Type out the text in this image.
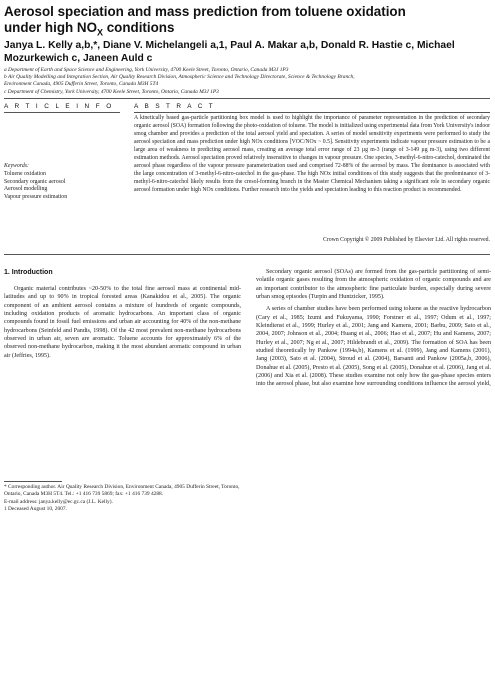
Aerosol speciation and mass prediction from toluene oxidation
under high $NO_X$ conditions
Janya L. Kelly a,b,*, Diane V. Michelangeli a,1, Paul A. Makar a,b, Donald R. Hastie c, Michael Mozurkewich c, Janeen Auld c
a Department of Earth and Space Science and Engineering, York University, 4700 Keele Street, Toronto, Ontario, Canada M3J 1P3
b Air Quality Modelling and Integration Section, Air Quality Research Division, Atmospheric Science and Technology Directorate, Science & Technology Branch,
Environment Canada, 4905 Dufferin Street, Toronto, Canada M3H 5T4
c Department of Chemistry, York University, 4700 Keele Street, Toronto, Ontario, Canada M3J 1P3
A R T I C L E I N F O	A B S T R A C T
Keywords:
Toluene oxidation
Secondary organic aerosol
Aerosol modelling
Vapour pressure estimation
A kinetically based gas-particle partitioning box model is used to highlight the importance of parameter representation in the prediction of secondary organic aerosol (SOA) formation following the photo-oxidation of toluene. The model is initialized using experimental data from York University's indoor smog chamber and provides a prediction of the total aerosol yield and speciation. A series of model sensitivity experiments were performed to study the aerosol speciation and mass prediction under high NOx conditions [VOC/NOx ~ 0.5]. Sensitivity experiments indicate vapour pressure estimation to be a large area of weakness in predicting aerosol mass, creating an average total error range of 23 µg m-3 (range of 3-149 µg m-3), using two different estimation methods. Aerosol speciation proved relatively insensitive to changes in vapour pressure. One species, 3-methyl-6-nitro-catechol, dominated the aerosol phase regardless of the vapour pressure parameterization used and comprised 72-88% of the aerosol by mass. The dominance is associated with the large concentration of 3-methyl-6-nitro-catechol in the gas-phase. The high NOx initial conditions of this study suggests that the predominance of 3-methyl-6-nitro-catechol likely results from the cresol-forming branch in the Master Chemical Mechanism taking a significant role in secondary organic aerosol formation under high NOx conditions. Further research into the yields and speciation leading to this reaction product is recommended.
Crown Copyright © 2009 Published by Elsevier Ltd. All rights reserved.
1. Introduction

Organic material contributes ~20-50% to the total fine aerosol mass at continental mid-latitudes and up to 90% in tropical forested areas (Kanakidou et al., 2005). The organic component of an ambient aerosol contains a mixture of hundreds of organic compounds, including oxidation products of aromatic hydrocarbons. An important class of organic compounds found in fossil fuel emissions and urban air accounting for 40% of the non-methane hydrocarbons (Seinfeld and Pandis, 1998). Of the 42 most prevalent non-methane hydrocarbons observed in urban air, seven are aromatic. Toluene accounts for approximately 6% of the observed non-methane hydrocarbon, making it the most abundant aromatic compound in urban air (Jeffries, 1995).

Secondary organic aerosol (SOAs) are formed from the gas-particle partitioning of semi-volatile organic gases resulting from the atmospheric oxidation of organic compounds and are an important contributor to the atmospheric fine particulate burden, especially during severe urban smog episodes (Turpin and Huntzicker, 1995).

A series of chamber studies have been performed using toluene as the reactive hydrocarbon (Cary et al., 1985; Izumi and Fukuyama, 1990; Forstner et al., 1997; Odum et al., 1997; Kleindienst et al., 1999; Hurley et al., 2001; Jang and Kamens, 2001; Barbu, 2009; Sato et al., 2004, 2007; Johnson et al., 2004; Huang et al., 2006; Hao et al., 2007; Hu and Kamens, 2007; Hurley et al., 2007; Ng et al., 2007; Hildebrandt et al., 2009). The formation of SOA has been studied theoretically by Pankow (1994a,b), Kamens et al. (1999), Jang and Kamens (2001), Jang (2003), Sato et al. (2004), Stroud et al. (2004), Barsanti and Pankow (2005a,b, 2006), Donahue et al. (2005), Presto et al. (2005), Song et al. (2005), Donahue et al. (2006), Jang et al. (2006) and Xia et al. (2008). These studies examine not only how the gas-phase species enters into the aerosol phase, but also examine how surrounding conditions influence the aerosol yield,

* Corresponding author. Air Quality Research Division, Environment Canada, 4905 Dufferin Street, Toronto, Ontario, Canada M3H 5T4. Tel.: +1 416 739 5869; fax: +1 416 739 4288.
E-mail address: janya.kelly@ec.gc.ca (J.L. Kelly).
1 Deceased August 10, 2007.
